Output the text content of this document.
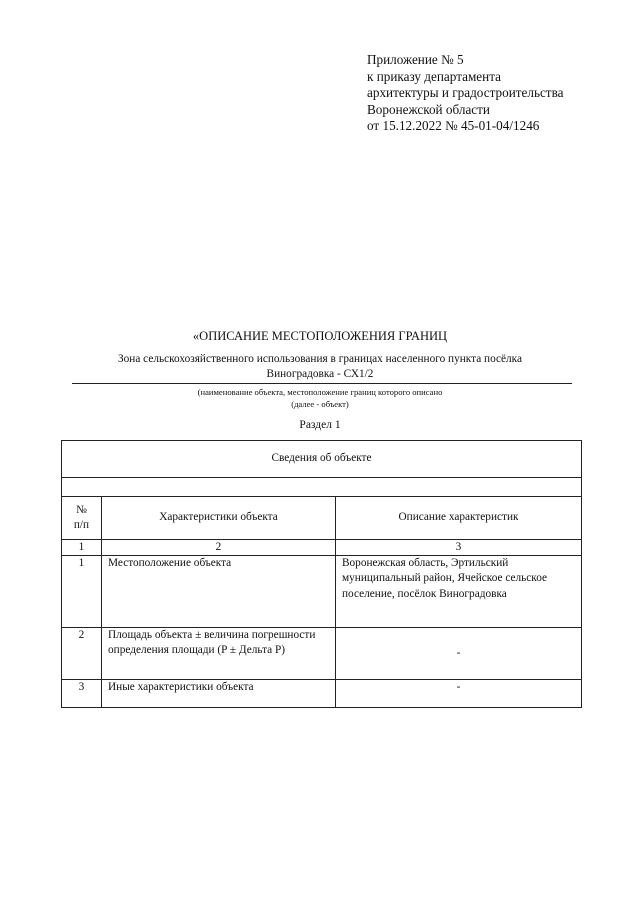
Приложение № 5
к приказу департамента
архитектуры и градостроительства
Воронежской области
от 15.12.2022 № 45-01-04/1246
«ОПИСАНИЕ МЕСТОПОЛОЖЕНИЯ ГРАНИЦ
Зона сельскохозяйственного использования в границах населенного пункта посёлка
Виноградовка - СХ1/2
(наименование объекта, местоположение границ которого описано
(далее - объект)
Раздел 1
Сведения об объекте		

№
п/п	Характеристики объекта	Описание характеристик
1	2	3
1	Местоположение объекта	Воронежская область, Эртильский муниципальный район, Ячейское сельское поселение, посёлок Виноградовка
2	Площадь объекта ± величина погрешности определения площади (P ± Дельта P)	-
3	Иные характеристики объекта	-
